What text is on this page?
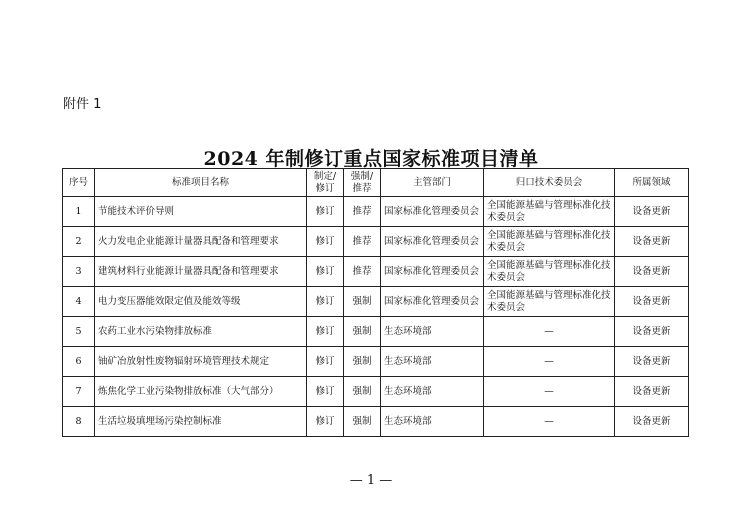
附件 1
2024 年制修订重点国家标准项目清单
序号	标准项目名称	制定/修订	强制/推荐	主管部门	归口技术委员会	所属领域
1	节能技术评价导则	修订	推荐	国家标准化管理委员会	全国能源基础与管理标准化技术委员会	设备更新
2	火力发电企业能源计量器具配备和管理要求	修订	推荐	国家标准化管理委员会	全国能源基础与管理标准化技术委员会	设备更新
3	建筑材料行业能源计量器具配备和管理要求	修订	推荐	国家标准化管理委员会	全国能源基础与管理标准化技术委员会	设备更新
4	电力变压器能效限定值及能效等级	修订	强制	国家标准化管理委员会	全国能源基础与管理标准化技术委员会	设备更新
5	农药工业水污染物排放标准	修订	强制	生态环境部	—	设备更新
6	铀矿冶放射性废物辐射环境管理技术规定	修订	强制	生态环境部	—	设备更新
7	炼焦化学工业污染物排放标准（大气部分）	修订	强制	生态环境部	—	设备更新
8	生活垃圾填埋场污染控制标准	修订	强制	生态环境部	—	设备更新
— 1 —
